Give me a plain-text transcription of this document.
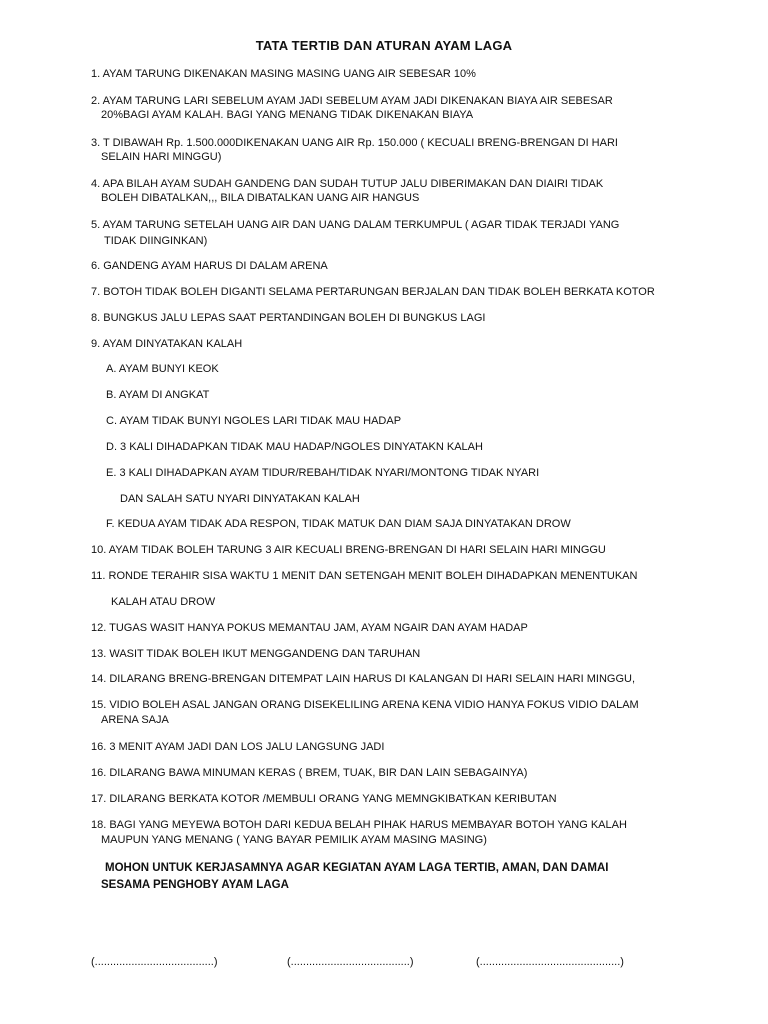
TATA TERTIB DAN ATURAN AYAM LAGA
1. AYAM TARUNG DIKENAKAN MASING MASING UANG AIR SEBESAR 10%
2. AYAM TARUNG LARI SEBELUM AYAM JADI SEBELUM AYAM JADI DIKENAKAN BIAYA AIR SEBESAR
20%BAGI AYAM KALAH. BAGI YANG MENANG TIDAK DIKENAKAN BIAYA
3. T DIBAWAH Rp. 1.500.000DIKENAKAN UANG AIR Rp. 150.000 ( KECUALI BRENG-BRENGAN DI HARI
SELAIN HARI MINGGU)
4. APA BILAH AYAM SUDAH GANDENG DAN SUDAH TUTUP JALU DIBERIMAKAN DAN DIAIRI TIDAK
BOLEH DIBATALKAN,,, BILA DIBATALKAN UANG AIR HANGUS
5. AYAM TARUNG SETELAH UANG AIR DAN UANG DALAM TERKUMPUL ( AGAR TIDAK TERJADI YANG
TIDAK DIINGINKAN)
6. GANDENG AYAM HARUS DI DALAM ARENA
7. BOTOH TIDAK BOLEH DIGANTI SELAMA PERTARUNGAN BERJALAN DAN TIDAK BOLEH BERKATA KOTOR
8. BUNGKUS JALU LEPAS SAAT PERTANDINGAN BOLEH DI BUNGKUS LAGI
9. AYAM DINYATAKAN KALAH
A. AYAM BUNYI KEOK
B. AYAM DI ANGKAT
C. AYAM TIDAK BUNYI NGOLES LARI TIDAK MAU HADAP
D. 3 KALI DIHADAPKAN TIDAK MAU HADAP/NGOLES DINYATAKN KALAH
E. 3 KALI DIHADAPKAN AYAM TIDUR/REBAH/TIDAK NYARI/MONTONG TIDAK NYARI
DAN SALAH SATU NYARI DINYATAKAN KALAH
F. KEDUA AYAM TIDAK ADA RESPON, TIDAK MATUK DAN DIAM SAJA DINYATAKAN DROW
10. AYAM TIDAK BOLEH TARUNG 3 AIR KECUALI BRENG-BRENGAN DI HARI SELAIN HARI MINGGU
11. RONDE TERAHIR SISA WAKTU 1 MENIT DAN SETENGAH MENIT BOLEH DIHADAPKAN MENENTUKAN
KALAH ATAU DROW
12. TUGAS WASIT HANYA POKUS MEMANTAU JAM, AYAM NGAIR DAN AYAM HADAP
13. WASIT TIDAK BOLEH IKUT MENGGANDENG DAN TARUHAN
14. DILARANG BRENG-BRENGAN DITEMPAT LAIN HARUS DI KALANGAN DI HARI SELAIN HARI MINGGU,
15. VIDIO BOLEH ASAL JANGAN ORANG DISEKELILING ARENA KENA VIDIO HANYA FOKUS VIDIO DALAM
ARENA SAJA
16. 3 MENIT AYAM JADI DAN LOS JALU LANGSUNG JADI
16. DILARANG BAWA MINUMAN KERAS ( BREM, TUAK, BIR DAN LAIN SEBAGAINYA)
17. DILARANG BERKATA KOTOR /MEMBULI ORANG YANG MEMNGKIBATKAN KERIBUTAN
18. BAGI YANG MEYEWA BOTOH DARI KEDUA BELAH PIHAK HARUS MEMBAYAR BOTOH YANG KALAH
MAUPUN YANG MENANG ( YANG BAYAR PEMILIK AYAM MASING MASING)
MOHON UNTUK KERJASAMNYA AGAR KEGIATAN AYAM LAGA TERTIB, AMAN, DAN DAMAI
SESAMA PENGHOBY AYAM LAGA
(.......................................)	(.......................................)	(..............................................)
